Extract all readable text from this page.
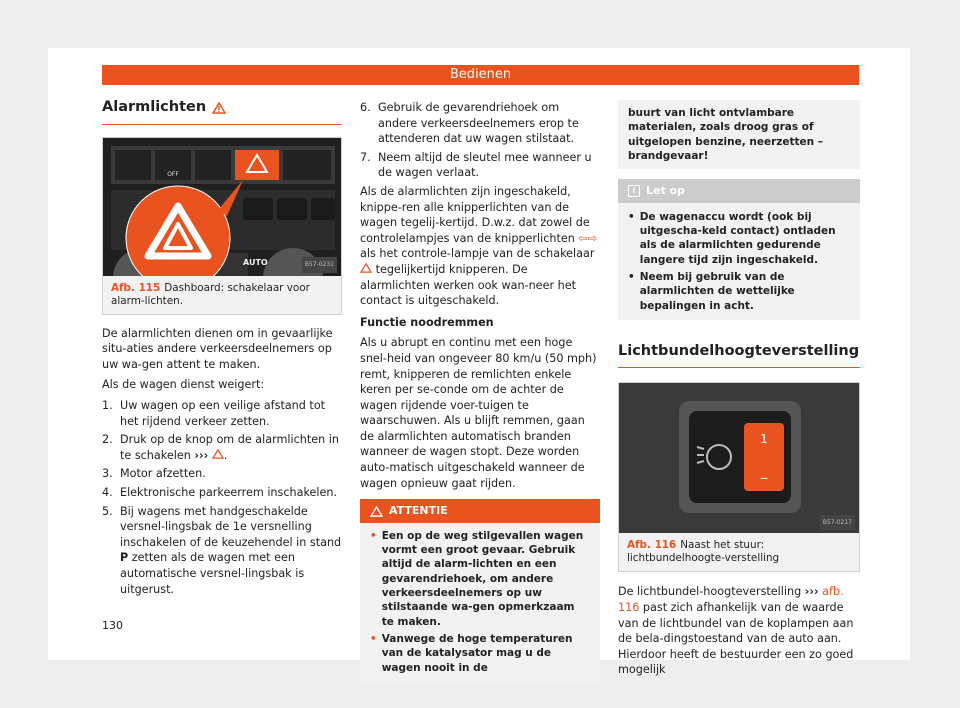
Bedienen
Alarmlichten
OFF
AUTO	B57-0231
Afb. 115 Dashboard: schakelaar voor alarm-lichten.

De alarmlichten dienen om in gevaarlijke situ-aties andere verkeersdeelnemers op uw wa-gen attent te maken.

Als de wagen dienst weigert:

1. Uw wagen op een veilige afstand tot het rijdend verkeer zetten.
2. Druk op de knop om de alarmlichten in te schakelen ››› .
3. Motor afzetten.
4. Elektronische parkeerrem inschakelen.
5. Bij wagens met handgeschakelde versnel-lingsbak de 1e versnelling inschakelen of de keuzehendel in stand P zetten als de wagen met een automatische versnel-lingsbak is uitgerust.
6. Gebruik de gevarendriehoek om andere verkeersdeelnemers erop te attenderen dat uw wagen stilstaat.
7. Neem altijd de sleutel mee wanneer u de wagen verlaat.

Als de alarmlichten zijn ingeschakeld, knippe-ren alle knipperlichten van de wagen tegelij-kertijd. D.w.z. dat zowel de controlelampjes van de knipperlichten ⇦⇨ als het controle-lampje van de schakelaar  tegelijkertijd knipperen. De alarmlichten werken ook wan-neer het contact is uitgeschakeld.

Functie noodremmen

Als u abrupt en continu met een hoge snel-heid van ongeveer 80 km/u (50 mph) remt, knipperen de remlichten enkele keren per se-conde om de achter de wagen rijdende voer-tuigen te waarschuwen. Als u blijft remmen, gaan de alarmlichten automatisch branden wanneer de wagen stopt. Deze worden auto-matisch uitgeschakeld wanneer de wagen opnieuw gaat rijden.

ATTENTIE
• Een op de weg stilgevallen wagen vormt een groot gevaar. Gebruik altijd de alarm-lichten en een gevarendriehoek, om andere verkeersdeelnemers op uw stilstaande wa-gen opmerkzaam te maken.
• Vanwege de hoge temperaturen van de katalysator mag u de wagen nooit in de
buurt van licht ontvlambare materialen, zoals droog gras of uitgelopen benzine, neerzetten – brandgevaar!
i Let op
• De wagenaccu wordt (ook bij uitgescha-keld contact) ontladen als de alarmlichten gedurende langere tijd zijn ingeschakeld.
• Neem bij gebruik van de alarmlichten de wettelijke bepalingen in acht.
Lichtbundelhoogteverstelling
1
–
B57-0217
Afb. 116 Naast het stuur: lichtbundelhoogte-verstelling

De lichtbundel-hoogteverstelling ››› afb. 116 past zich afhankelijk van de waarde van de lichtbundel van de koplampen aan de bela-dingstoestand van de auto aan. Hierdoor heeft de bestuurder een zo goed mogelijk

130
